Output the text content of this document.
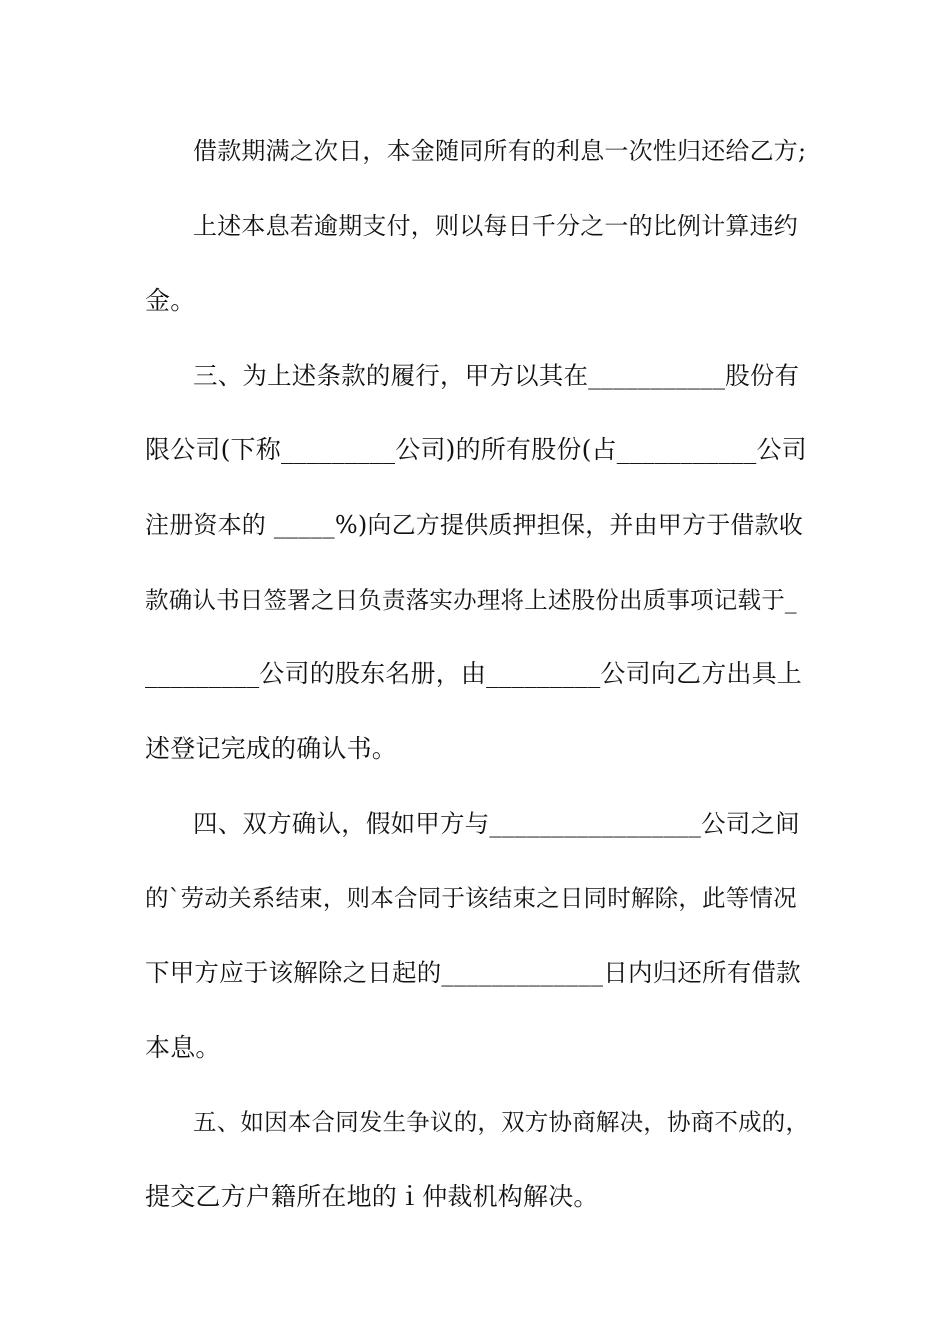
借款期满之次日，本金随同所有的利息一次性归还给乙方;
上述本息若逾期支付，则以每日千分之一的比例计算违约
金。
三、为上述条款的履行，甲方以其在___________股份有
限公司(下称_________公司)的所有股份(占___________公司
注册资本的 _____%)向乙方提供质押担保，并由甲方于借款收
款确认书日签署之日负责落实办理将上述股份出质事项记载于_
_________公司的股东名册，由_________公司向乙方出具上
述登记完成的确认书。
四、双方确认，假如甲方与_________________公司之间
的`劳动关系结束，则本合同于该结束之日同时解除，此等情况
下甲方应于该解除之日起的_____________日内归还所有借款
本息。
五、如因本合同发生争议的，双方协商解决，协商不成的，
提交乙方户籍所在地的ｉ仲裁机构解决。
